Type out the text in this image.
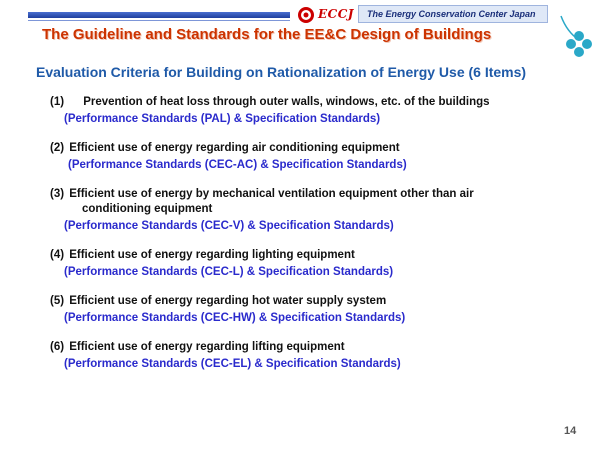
ECCJ	The Energy Conservation Center Japan
The Guideline and Standards for the EE&C Design of Buildings
Evaluation Criteria for Building on Rationalization of Energy Use (6 Items)
(1) Prevention of heat loss through outer walls, windows, etc. of the buildings
(Performance Standards (PAL) & Specification Standards)
(2) Efficient use of energy regarding air conditioning equipment
(Performance Standards (CEC-AC) & Specification Standards)
(3) Efficient use of energy by mechanical ventilation equipment other than air
conditioning equipment
(Performance Standards (CEC-V) & Specification Standards)
(4) Efficient use of energy regarding lighting equipment
(Performance Standards (CEC-L) & Specification Standards)
(5) Efficient use of energy regarding hot water supply system
(Performance Standards (CEC-HW) & Specification Standards)
(6) Efficient use of energy regarding lifting equipment
(Performance Standards (CEC-EL) & Specification Standards)
14
